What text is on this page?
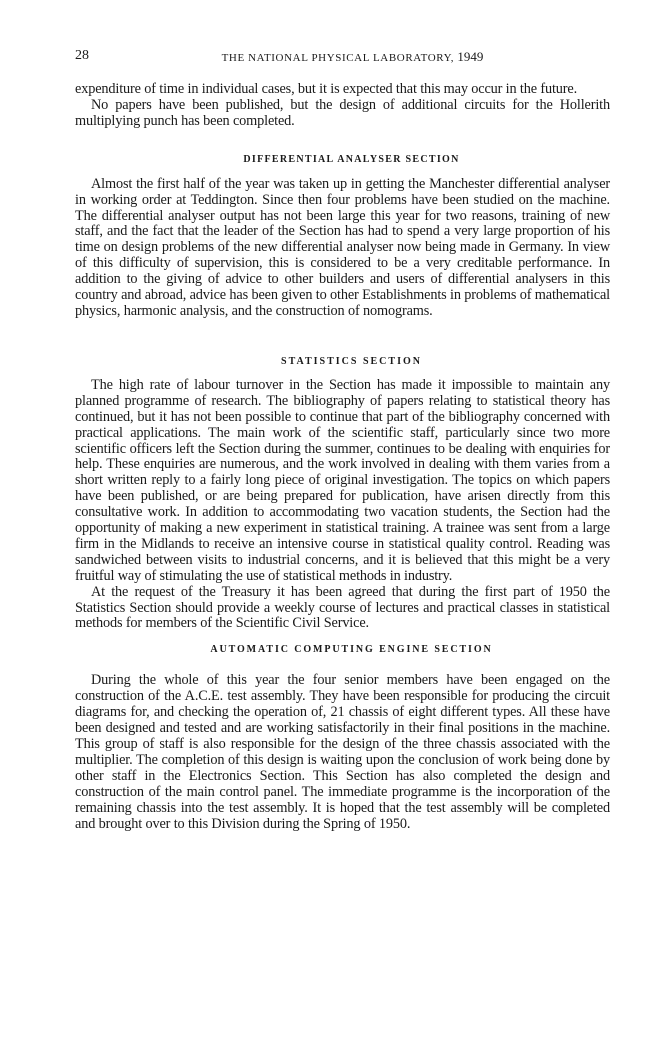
28	THE NATIONAL PHYSICAL LABORATORY, 1949

expenditure of time in individual cases, but it is expected that this may occur in the future.

No papers have been published, but the design of additional circuits for the Hollerith multiplying punch has been completed.

DIFFERENTIAL ANALYSER SECTION

Almost the first half of the year was taken up in getting the Manchester differential analyser in working order at Teddington. Since then four problems have been studied on the machine. The differential analyser output has not been large this year for two reasons, training of new staff, and the fact that the leader of the Section has had to spend a very large proportion of his time on design problems of the new differential analyser now being made in Germany. In view of this difficulty of supervision, this is considered to be a very creditable performance. In addition to the giving of advice to other builders and users of differential analysers in this country and abroad, advice has been given to other Establishments in problems of mathematical physics, harmonic analysis, and the construction of nomograms.

STATISTICS SECTION

The high rate of labour turnover in the Section has made it impossible to maintain any planned programme of research. The bibliography of papers relating to statistical theory has continued, but it has not been possible to continue that part of the bibliography concerned with practical applications. The main work of the scientific staff, particularly since two more scientific officers left the Section during the summer, continues to be dealing with enquiries for help. These enquiries are numerous, and the work involved in dealing with them varies from a short written reply to a fairly long piece of original investigation. The topics on which papers have been published, or are being prepared for publication, have arisen directly from this consultative work. In addition to accommodating two vacation students, the Section had the opportunity of making a new experiment in statistical training. A trainee was sent from a large firm in the Midlands to receive an intensive course in statistical quality control. Reading was sandwiched between visits to industrial concerns, and it is believed that this might be a very fruitful way of stimulating the use of statistical methods in industry.

At the request of the Treasury it has been agreed that during the first part of 1950 the Statistics Section should provide a weekly course of lectures and practical classes in statistical methods for members of the Scientific Civil Service.

AUTOMATIC COMPUTING ENGINE SECTION

During the whole of this year the four senior members have been engaged on the construction of the A.C.E. test assembly. They have been responsible for producing the circuit diagrams for, and checking the operation of, 21 chassis of eight different types. All these have been designed and tested and are working satisfactorily in their final positions in the machine. This group of staff is also responsible for the design of the three chassis associated with the multiplier. The completion of this design is waiting upon the conclusion of work being done by other staff in the Electronics Section. This Section has also completed the design and construction of the main control panel. The immediate programme is the incorporation of the remaining chassis into the test assembly. It is hoped that the test assembly will be completed and brought over to this Division during the Spring of 1950.
